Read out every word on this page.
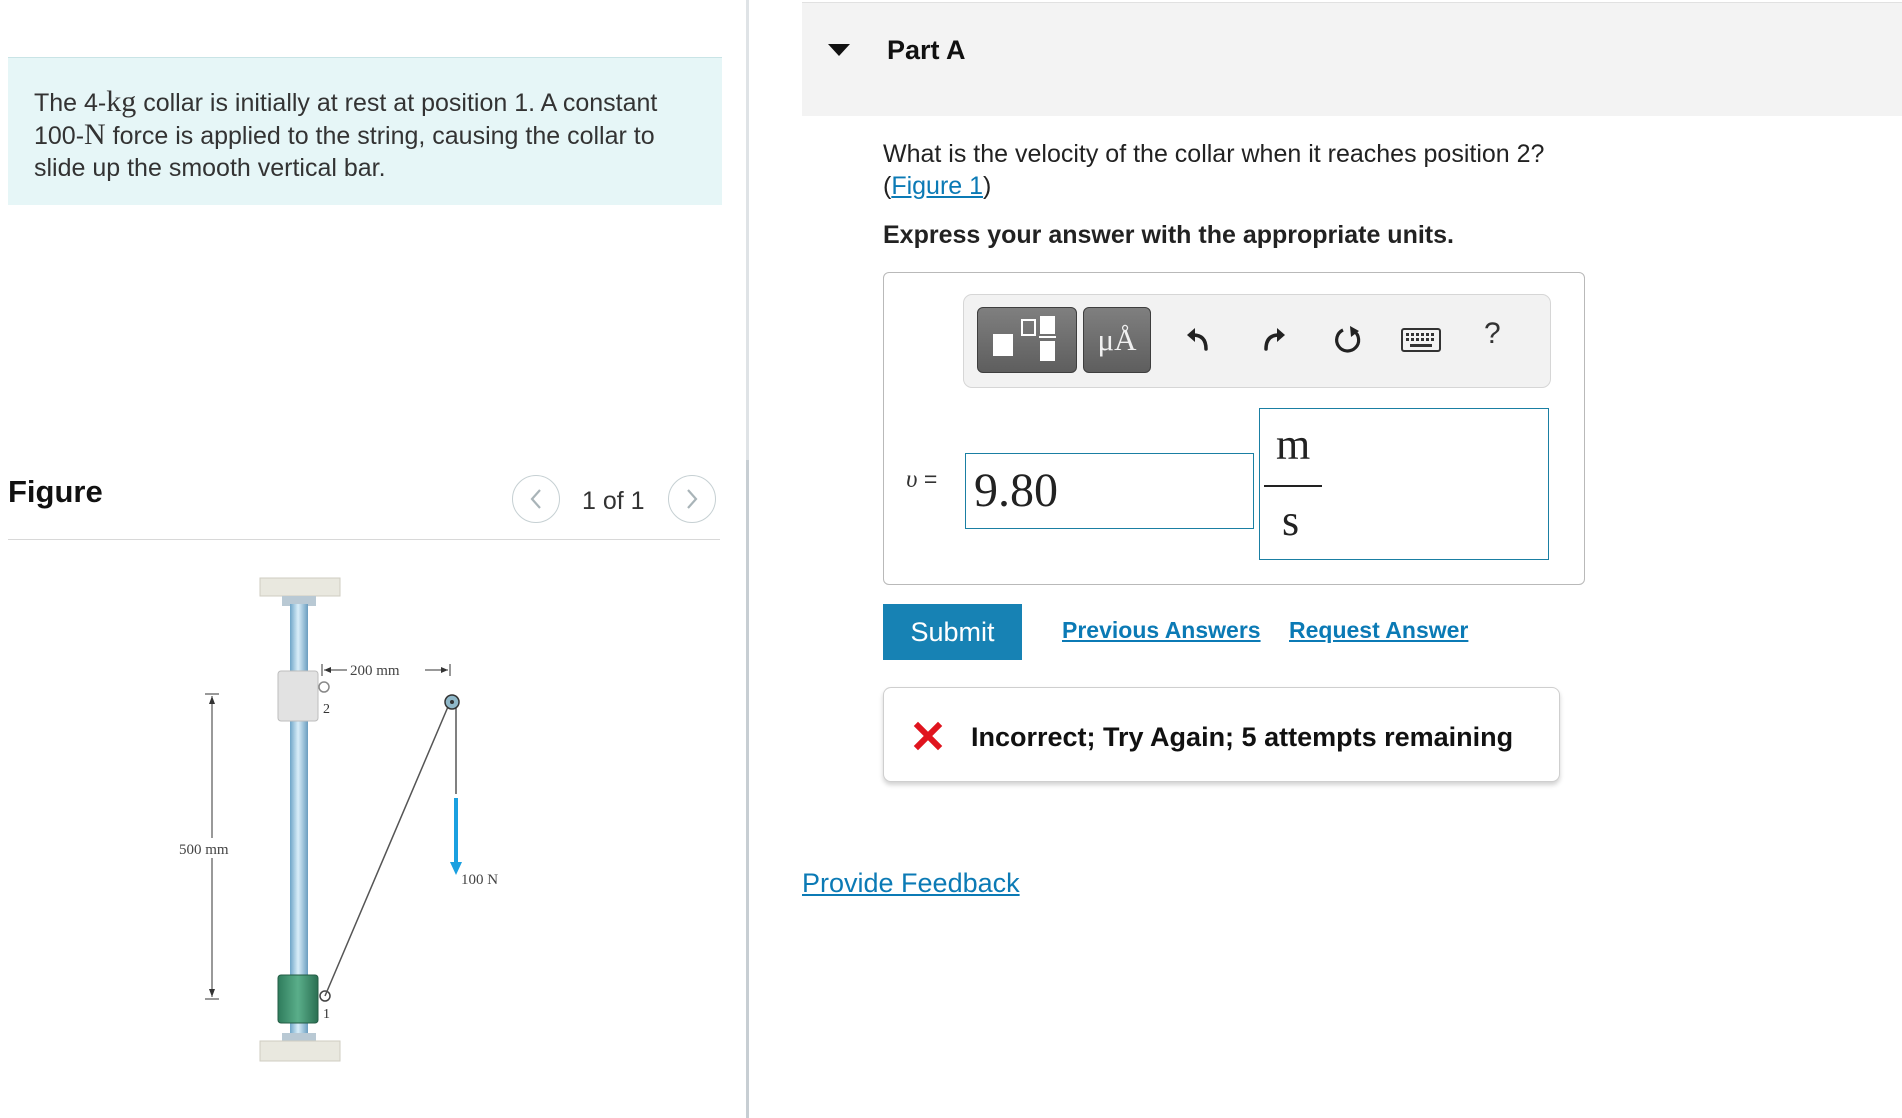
The 4-kg collar is initially at rest at position 1. A constant
100-N force is applied to the string, causing the collar to
slide up the smooth vertical bar.
Figure	1 of 1
2
1
200 mm
500 mm
100 N
Part A
What is the velocity of the collar when it reaches position 2?
(Figure 1)
Express your answer with the appropriate units.
μÅ	?
υ = 9.80
m
s
Submit	Previous Answers Request Answer
Incorrect; Try Again; 5 attempts remaining
Provide Feedback
